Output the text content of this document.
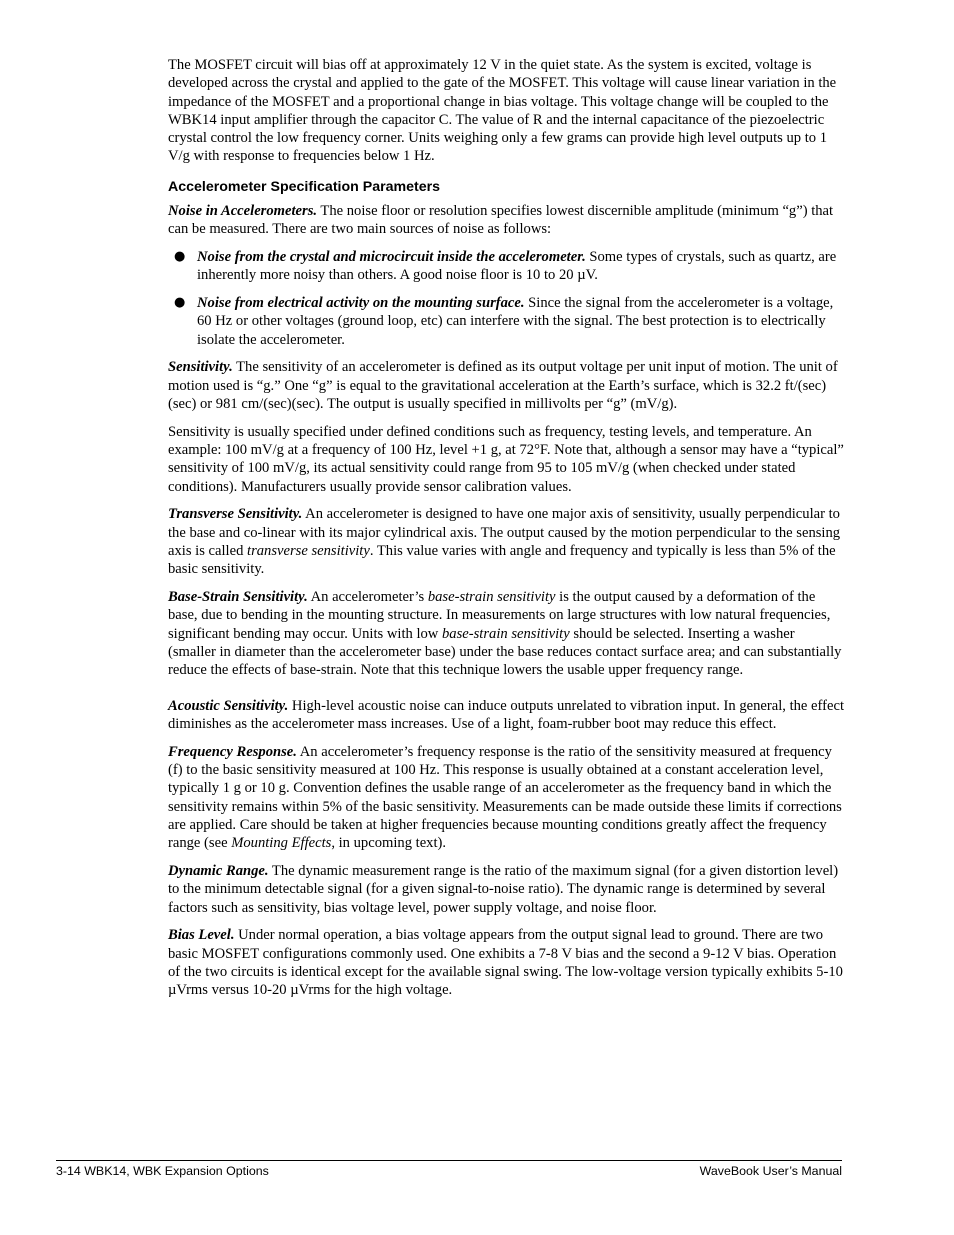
The MOSFET circuit will bias off at approximately 12 V in the quiet state. As the system is excited, voltage is developed across the crystal and applied to the gate of the MOSFET. This voltage will cause linear variation in the impedance of the MOSFET and a proportional change in bias voltage. This voltage change will be coupled to the WBK14 input amplifier through the capacitor C. The value of R and the internal capacitance of the piezoelectric crystal control the low frequency corner. Units weighing only a few grams can provide high level outputs up to 1 V/g with response to frequencies below 1 Hz.

Accelerometer Specification Parameters

Noise in Accelerometers. The noise floor or resolution specifies lowest discernible amplitude (minimum “g”) that can be measured. There are two main sources of noise as follows:

● Noise from the crystal and microcircuit inside the accelerometer. Some types of crystals, such as quartz, are inherently more noisy than others. A good noise floor is 10 to 20 µV.
● Noise from electrical activity on the mounting surface. Since the signal from the accelerometer is a voltage, 60 Hz or other voltages (ground loop, etc) can interfere with the signal. The best protection is to electrically isolate the accelerometer.

Sensitivity. The sensitivity of an accelerometer is defined as its output voltage per unit input of motion. The unit of motion used is “g.” One “g” is equal to the gravitational acceleration at the Earth’s surface, which is 32.2 ft/(sec)(sec) or 981 cm/(sec)(sec). The output is usually specified in millivolts per “g” (mV/g).

Sensitivity is usually specified under defined conditions such as frequency, testing levels, and temperature. An example: 100 mV/g at a frequency of 100 Hz, level +1 g, at 72°F. Note that, although a sensor may have a “typical” sensitivity of 100 mV/g, its actual sensitivity could range from 95 to 105 mV/g (when checked under stated conditions). Manufacturers usually provide sensor calibration values.

Transverse Sensitivity. An accelerometer is designed to have one major axis of sensitivity, usually perpendicular to the base and co-linear with its major cylindrical axis. The output caused by the motion perpendicular to the sensing axis is called transverse sensitivity. This value varies with angle and frequency and typically is less than 5% of the basic sensitivity.

Base-Strain Sensitivity. An accelerometer’s base-strain sensitivity is the output caused by a deformation of the base, due to bending in the mounting structure. In measurements on large structures with low natural frequencies, significant bending may occur. Units with low base-strain sensitivity should be selected. Inserting a washer (smaller in diameter than the accelerometer base) under the base reduces contact surface area; and can substantially reduce the effects of base-strain. Note that this technique lowers the usable upper frequency range.

Acoustic Sensitivity. High-level acoustic noise can induce outputs unrelated to vibration input. In general, the effect diminishes as the accelerometer mass increases. Use of a light, foam-rubber boot may reduce this effect.

Frequency Response. An accelerometer’s frequency response is the ratio of the sensitivity measured at frequency (f) to the basic sensitivity measured at 100 Hz. This response is usually obtained at a constant acceleration level, typically 1 g or 10 g. Convention defines the usable range of an accelerometer as the frequency band in which the sensitivity remains within 5% of the basic sensitivity. Measurements can be made outside these limits if corrections are applied. Care should be taken at higher frequencies because mounting conditions greatly affect the frequency range (see Mounting Effects, in upcoming text).

Dynamic Range. The dynamic measurement range is the ratio of the maximum signal (for a given distortion level) to the minimum detectable signal (for a given signal-to-noise ratio). The dynamic range is determined by several factors such as sensitivity, bias voltage level, power supply voltage, and noise floor.

Bias Level. Under normal operation, a bias voltage appears from the output signal lead to ground. There are two basic MOSFET configurations commonly used. One exhibits a 7-8 V bias and the second a 9-12 V bias. Operation of the two circuits is identical except for the available signal swing. The low-voltage version typically exhibits 5-10 µVrms versus 10-20 µVrms for the high voltage.

3-14 WBK14, WBK Expansion Options	WaveBook User’s Manual
